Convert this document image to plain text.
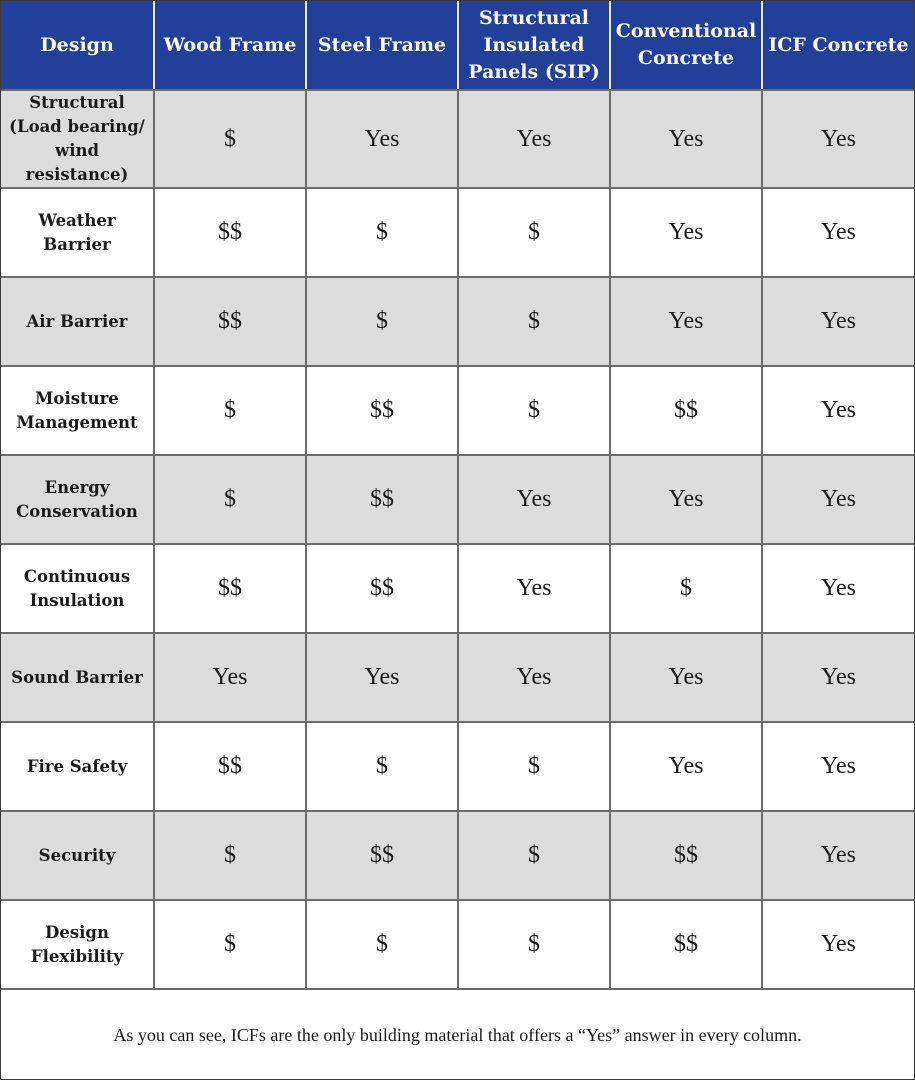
Design	Wood Frame	Steel Frame	Structural Insulated Panels (SIP)	Conventional Concrete	ICF Concrete
Structural (Load bearing/ wind resistance)	$	Yes	Yes	Yes	Yes
Weather Barrier	$$	$	$	Yes	Yes
Air Barrier	$$	$	$	Yes	Yes
Moisture Management	$	$$	$	$$	Yes
Energy Conservation	$	$$	Yes	Yes	Yes
Continuous Insulation	$$	$$	Yes	$	Yes
Sound Barrier	Yes	Yes	Yes	Yes	Yes
Fire Safety	$$	$	$	Yes	Yes
Security	$	$$	$	$$	Yes
Design Flexibility	$	$	$	$$	Yes
As you can see, ICFs are the only building material that offers a “Yes” answer in every column.
